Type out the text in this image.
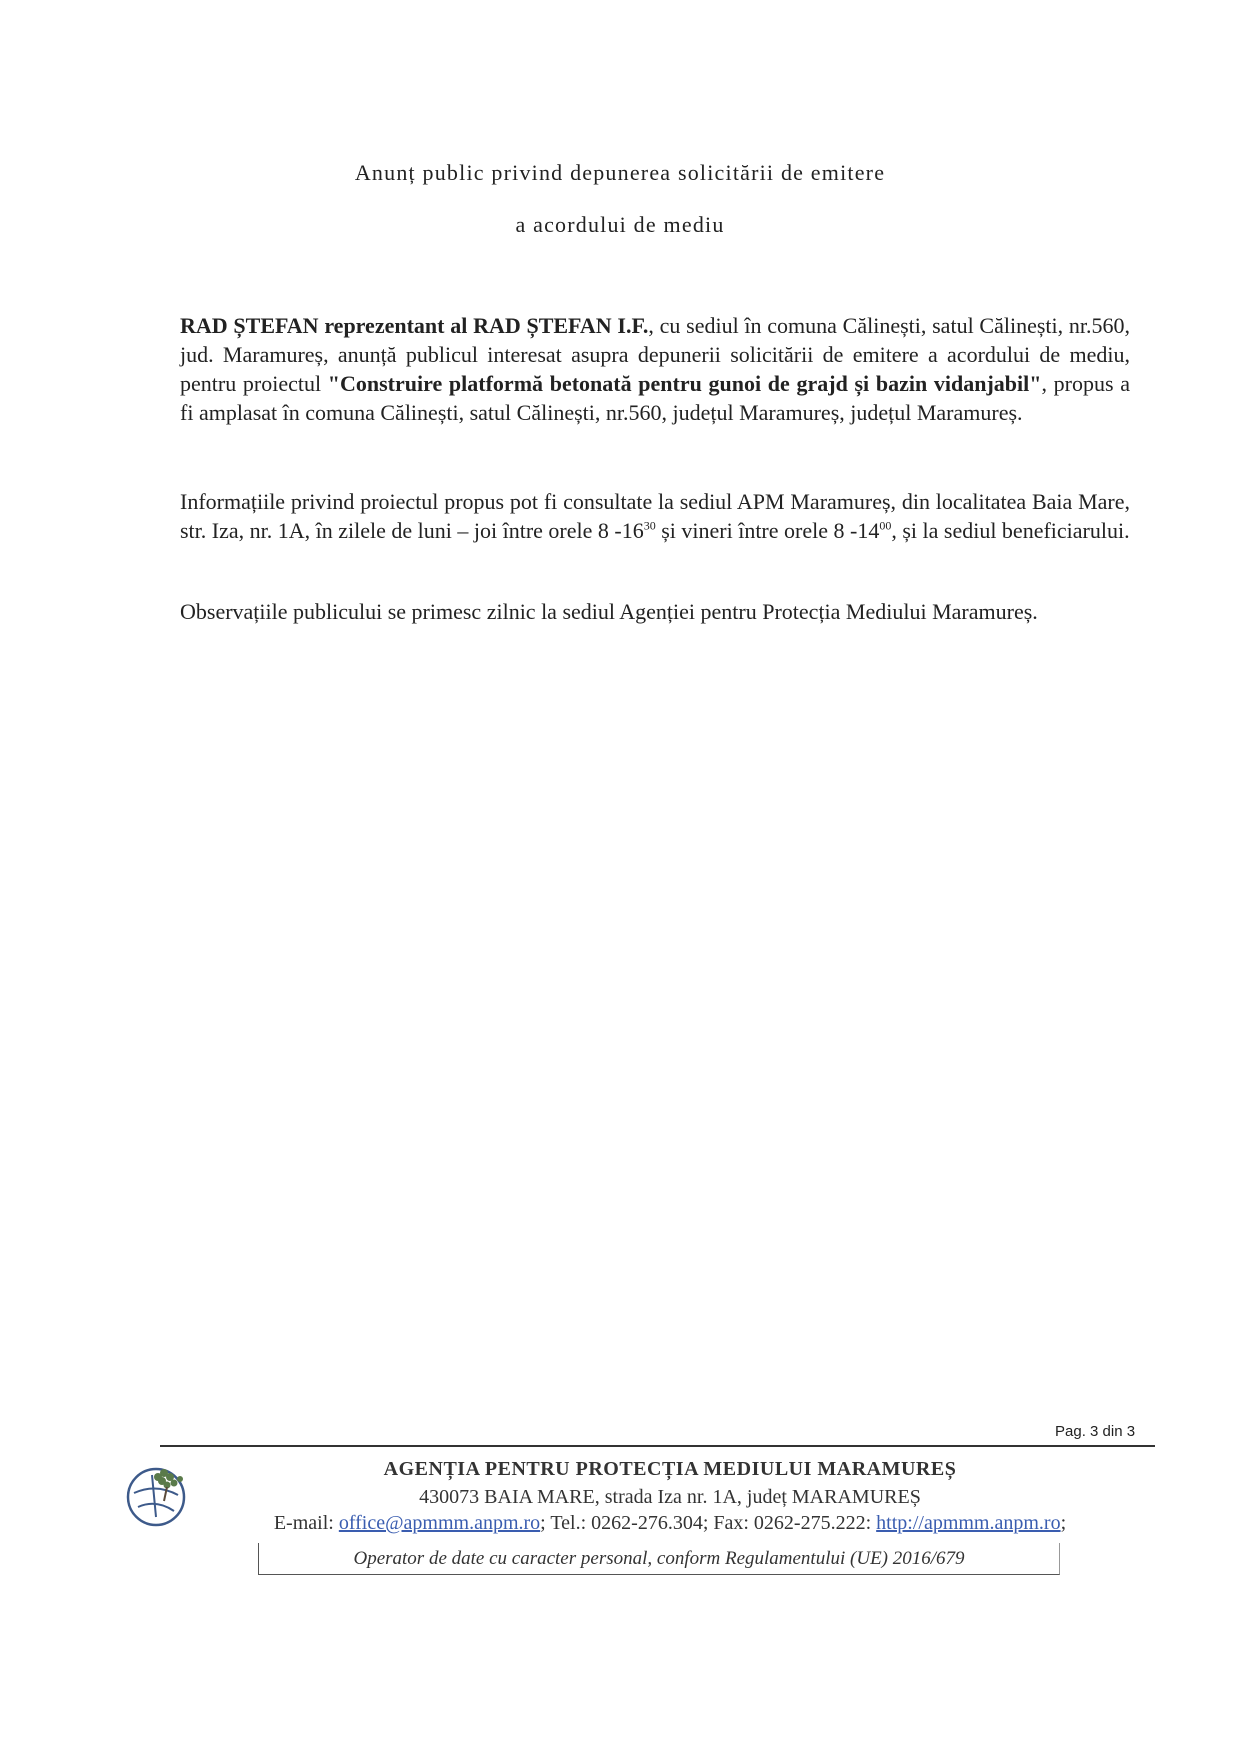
Anunț public privind depunerea solicitării de emitere
a acordului de mediu
RAD ȘTEFAN reprezentant al RAD ȘTEFAN I.F., cu sediul în comuna Călinești, satul Călinești, nr.560, jud. Maramureș, anunță publicul interesat asupra depunerii solicitării de emitere a acordului de mediu, pentru proiectul "Construire platformă betonată pentru gunoi de grajd și bazin vidanjabil", propus a fi amplasat în comuna Călinești, satul Călinești, nr.560, județul Maramureș, județul Maramureș.
Informațiile privind proiectul propus pot fi consultate la sediul APM Maramureș, din localitatea Baia Mare, str. Iza, nr. 1A, în zilele de luni – joi între orele 8 $-16^{30}$ și vineri între orele 8 $-14^{00}$, și la sediul beneficiarului.
Observațiile publicului se primesc zilnic la sediul Agenției pentru Protecția Mediului Maramureș.
Pag. 3 din 3
AGENȚIA PENTRU PROTECȚIA MEDIULUI MARAMUREȘ
430073 BAIA MARE, strada Iza nr. 1A, județ MARAMUREȘ
E-mail: office@apmmm.anpm.ro; Tel.: 0262-276.304; Fax: 0262-275.222: http://apmmm.anpm.ro;
Operator de date cu caracter personal, conform Regulamentului (UE) 2016/679
